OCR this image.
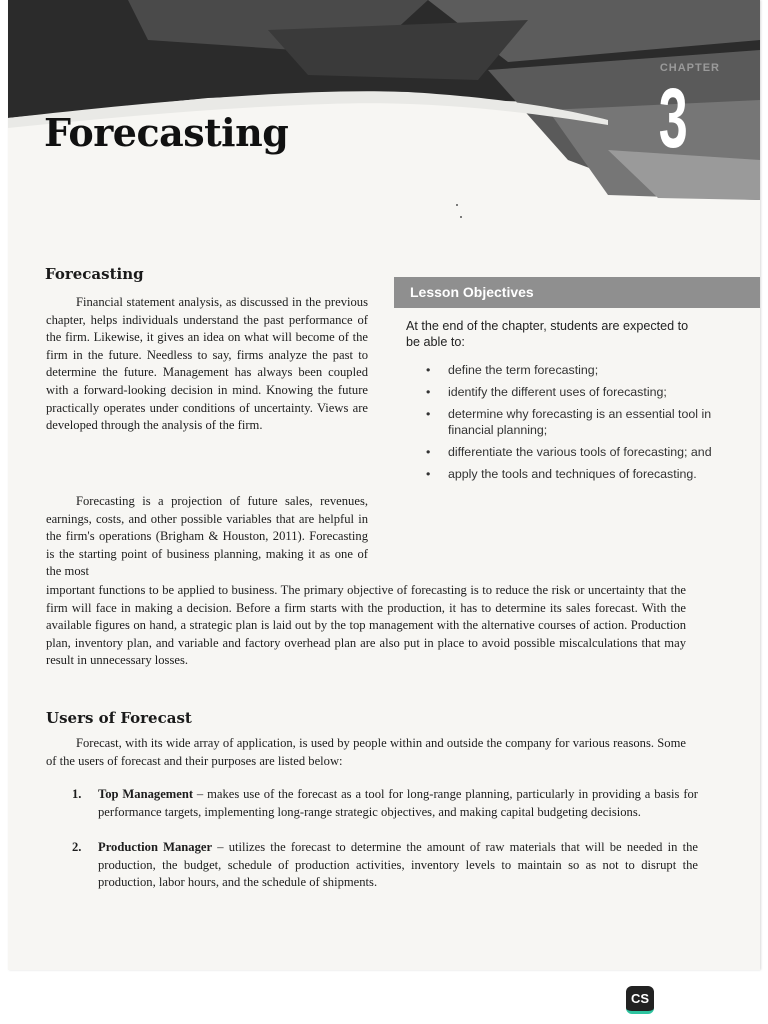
CHAPTER
3
Forecasting
Forecasting

Financial statement analysis, as discussed in the previous chapter, helps individuals understand the past performance of the firm. Likewise, it gives an idea on what will become of the firm in the future. Needless to say, firms analyze the past to determine the future. Management has always been coupled with a forward-looking decision in mind. Knowing the future practically operates under conditions of uncertainty. Views are developed through the analysis of the firm.

Forecasting is a projection of future sales, revenues, earnings, costs, and other possible variables that are helpful in the firm's operations (Brigham & Houston, 2011). Forecasting is the starting point of business planning, making it as one of the most

important functions to be applied to business. The primary objective of forecasting is to reduce the risk or uncertainty that the firm will face in making a decision. Before a firm starts with the production, it has to determine its sales forecast. With the available figures on hand, a strategic plan is laid out by the top management with the alternative courses of action. Production plan, inventory plan, and variable and factory overhead plan are also put in place to avoid possible miscalculations that may result in unnecessary losses.

Lesson Objectives
At the end of the chapter, students are expected to be able to:
• define the term forecasting;
• identify the different uses of forecasting;
• determine why forecasting is an essential tool in financial planning;
• differentiate the various tools of forecasting; and
• apply the tools and techniques of forecasting.
Users of Forecast

Forecast, with its wide array of application, is used by people within and outside the company for various reasons. Some of the users of forecast and their purposes are listed below:

1. Top Management – makes use of the forecast as a tool for long-range planning, particularly in providing a basis for performance targets, implementing long-range strategic objectives, and making capital budgeting decisions.
2. Production Manager – utilizes the forecast to determine the amount of raw materials that will be needed in the production, the budget, schedule of production activities, inventory levels to maintain so as not to disrupt the production, labor hours, and the schedule of shipments.
CS
